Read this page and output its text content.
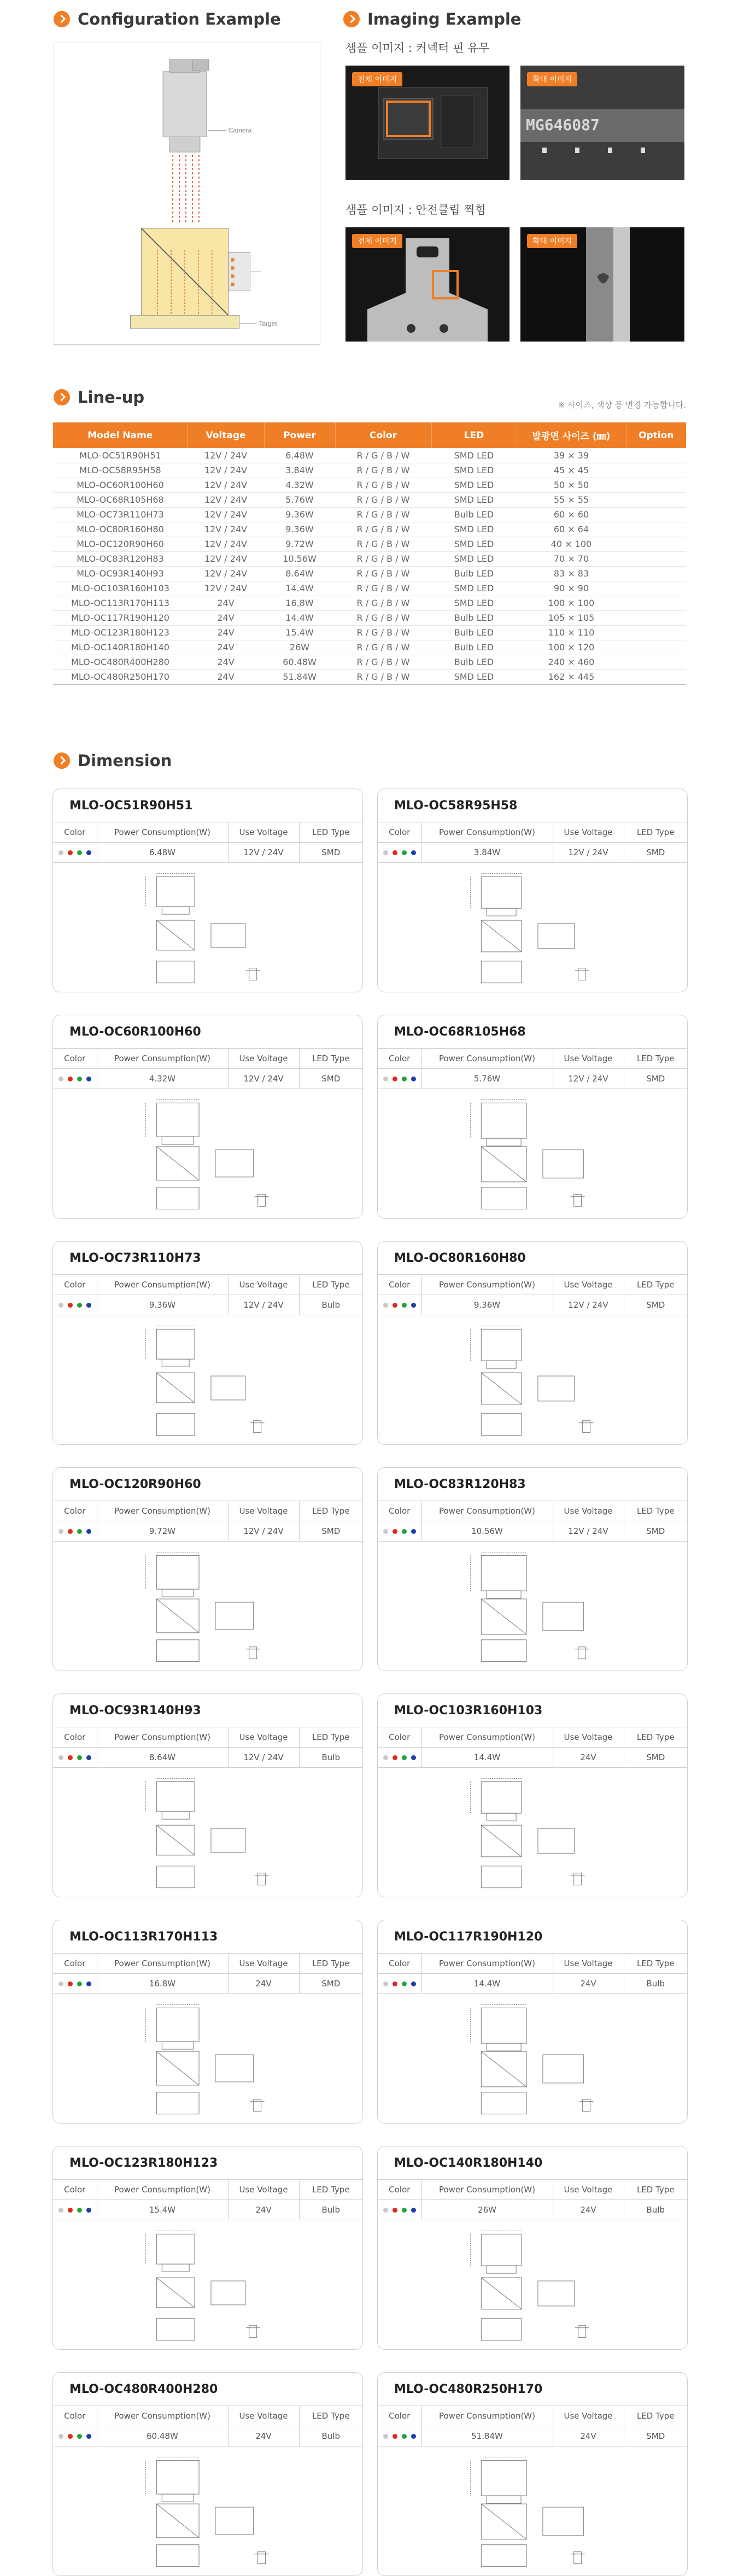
Configuration Example
Camera
Target
Imaging Example
샘플 이미지 : 커넥터 핀 유무
전체 이미지	확대 이미지
MG646087
샘플 이미지 : 안전클립 찍힘
전체 이미지	확대 이미지
Line-up	※ 사이즈, 색상 등 변경 가능합니다.
Model Name	Voltage	Power	Color	LED	발광면 사이즈 (㎜)	Option
MLO-OC51R90H51	12V / 24V	6.48W	R / G / B / W	SMD LED	39 × 39	
MLO-OC58R95H58	12V / 24V	3.84W	R / G / B / W	SMD LED	45 × 45	
MLO-OC60R100H60	12V / 24V	4.32W	R / G / B / W	SMD LED	50 × 50	
MLO-OC68R105H68	12V / 24V	5.76W	R / G / B / W	SMD LED	55 × 55	
MLO-OC73R110H73	12V / 24V	9.36W	R / G / B / W	Bulb LED	60 × 60	
MLO-OC80R160H80	12V / 24V	9.36W	R / G / B / W	SMD LED	60 × 64	
MLO-OC120R90H60	12V / 24V	9.72W	R / G / B / W	SMD LED	40 × 100	
MLO-OC83R120H83	12V / 24V	10.56W	R / G / B / W	SMD LED	70 × 70	
MLO-OC93R140H93	12V / 24V	8.64W	R / G / B / W	Bulb LED	83 × 83	
MLO-OC103R160H103	12V / 24V	14.4W	R / G / B / W	SMD LED	90 × 90	
MLO-OC113R170H113	24V	16.8W	R / G / B / W	SMD LED	100 × 100	
MLO-OC117R190H120	24V	14.4W	R / G / B / W	Bulb LED	105 × 105	
MLO-OC123R180H123	24V	15.4W	R / G / B / W	Bulb LED	110 × 110	
MLO-OC140R180H140	24V	26W	R / G / B / W	Bulb LED	100 × 120	
MLO-OC480R400H280	24V	60.48W	R / G / B / W	Bulb LED	240 × 460	
MLO-OC480R250H170	24V	51.84W	R / G / B / W	SMD LED	162 × 445	
Dimension
MLO-OC51R90H51
Color	Power Consumption(W)	Use Voltage	LED Type

	6.48W	12V / 24V	SMD
MLO-OC58R95H58
Color	Power Consumption(W)	Use Voltage	LED Type

	3.84W	12V / 24V	SMD
MLO-OC60R100H60
Color	Power Consumption(W)	Use Voltage	LED Type

	4.32W	12V / 24V	SMD
MLO-OC68R105H68
Color	Power Consumption(W)	Use Voltage	LED Type

	5.76W	12V / 24V	SMD
MLO-OC73R110H73
Color	Power Consumption(W)	Use Voltage	LED Type

	9.36W	12V / 24V	Bulb
MLO-OC80R160H80
Color	Power Consumption(W)	Use Voltage	LED Type

	9.36W	12V / 24V	SMD
MLO-OC120R90H60
Color	Power Consumption(W)	Use Voltage	LED Type

	9.72W	12V / 24V	SMD
MLO-OC83R120H83
Color	Power Consumption(W)	Use Voltage	LED Type

	10.56W	12V / 24V	SMD
MLO-OC93R140H93
Color	Power Consumption(W)	Use Voltage	LED Type

	8.64W	12V / 24V	Bulb
MLO-OC103R160H103
Color	Power Consumption(W)	Use Voltage	LED Type

	14.4W	24V	SMD
MLO-OC113R170H113
Color	Power Consumption(W)	Use Voltage	LED Type

	16.8W	24V	SMD
MLO-OC117R190H120
Color	Power Consumption(W)	Use Voltage	LED Type

	14.4W	24V	Bulb
MLO-OC123R180H123
Color	Power Consumption(W)	Use Voltage	LED Type

	15.4W	24V	Bulb
MLO-OC140R180H140
Color	Power Consumption(W)	Use Voltage	LED Type

	26W	24V	Bulb
MLO-OC480R400H280
Color	Power Consumption(W)	Use Voltage	LED Type

	60.48W	24V	Bulb
MLO-OC480R250H170
Color	Power Consumption(W)	Use Voltage	LED Type

	51.84W	24V	SMD
